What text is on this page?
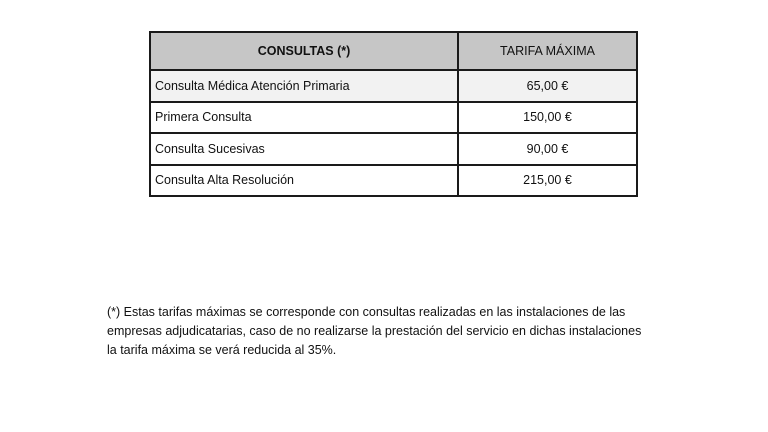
CONSULTAS (*)	TARIFA MÁXIMA
Consulta Médica Atención Primaria	65,00 €
Primera Consulta	150,00 €
Consulta Sucesivas	90,00 €
Consulta Alta Resolución	215,00 €

(*) Estas tarifas máximas se corresponde con consultas realizadas en las instalaciones de las
empresas adjudicatarias, caso de no realizarse la prestación del servicio en dichas instalaciones
la tarifa máxima se verá reducida al 35%.
